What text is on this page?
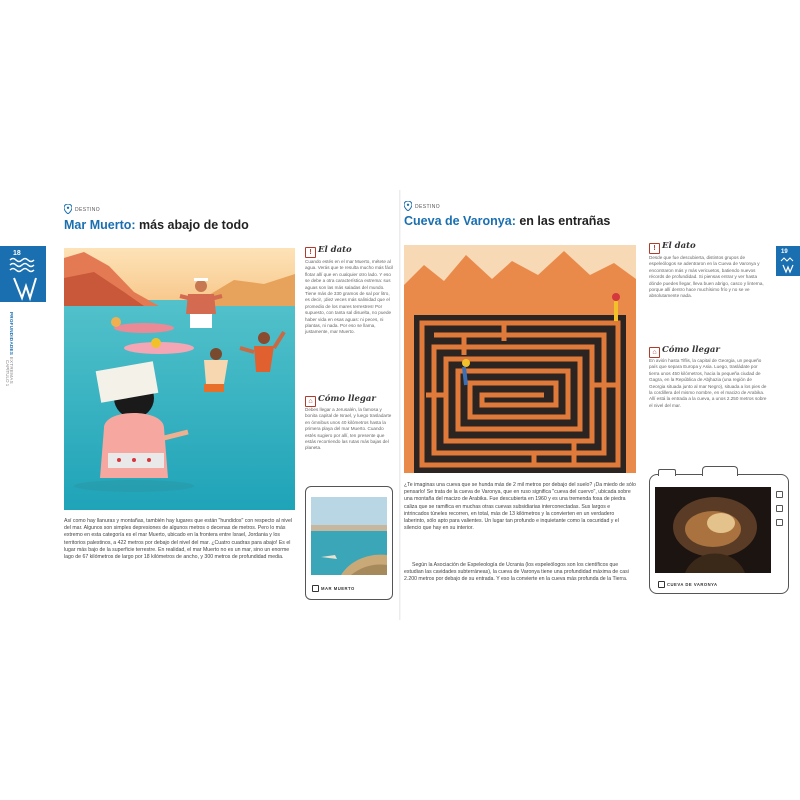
18
PROFUNDIDADES EXTREMAS
CAPÍTULO 1
19
DESTINO
Mar Muerto: más abajo de todo
Así como hay llanuras y montañas, también hay lugares que están "hundidos" con respecto al nivel del mar. Algunos son simples depresiones de algunos metros o decenas de metros. Pero lo más extremo en esta categoría es el mar Muerto, ubicado en la frontera entre Israel, Jordania y los territorios palestinos, a 422 metros por debajo del nivel del mar. ¿Cuatro cuadras para abajo! Es el lugar más bajo de la superficie terrestre. En realidad, el mar Muerto no es un mar, sino un enorme lago de 67 kilómetros de largo por 18 kilómetros de ancho, y 300 metros de profundidad media.
! El dato
Cuando estés en el mar Muerto, métete al agua. Verás que te resulta mucho más fácil flotar allí que en cualquier otro lado. Y eso se debe a otra característica extrema: sus aguas son las más saladas del mundo. Tiene más de 330 gramos de sal por litro, es decir, ¡diez veces más salinidad que el promedio de los mares terrestres! Por supuesto, con tanta sal disuelta, no puede haber vida en esas aguas: ni peces, ni plantas, ni nada. Por eso se llama, justamente, mar Muerto.
⌂ Cómo llegar
Debes llegar a Jerusalén, la famosa y bonita capital de Israel, y luego trasladarte en ómnibus unos 40 kilómetros hasta la primera playa del mar Muerto. Cuando estés sugiero por allí, ten presente que estás recorriendo las rutas más bajas del planeta.
MAR MUERTO
DESTINO
Cueva de Varonya: en las entrañas
¿Te imaginas una cueva que se hunda más de 2 mil metros por debajo del suelo? ¡Da miedo de sólo pensarlo! Se trata de la cueva de Varonya, que en ruso significa "cueva del cuervo", ubicada sobre una montaña del macizo de Arabika. Fue descubierta en 1960 y es una tremenda fosa de piedra caliza que se ramifica en muchas otras cuevas subsidiarias interconectadas. Sus largos e intrincados túneles recorren, en total, más de 13 kilómetros y la convierten en un verdadero laberinto, sólo apto para valientes. Un lugar tan profundo e inquietante como la oscuridad y el silencio que hay en su interior.
Según la Asociación de Espeleología de Ucrania (los espeleólogos son los científicos que estudian las cavidades subterráneas), la cueva de Varonya tiene una profundidad máxima de casi 2.200 metros por debajo de su entrada. Y eso la convierte en la cueva más profunda de la Tierra.
! El dato
Desde que fue descubierta, distintos grupos de espeleólogos se adentraron en la Cueva de Varonya y encontraron más y más vericuetos, batiendo nuevos récords de profundidad. Si piensas entrar y ver hasta dónde puedes llegar, lleva buen abrigo, casco y linterna, porque allí dentro hace muchísimo frío y no se ve absolutamente nada.
⌂ Cómo llegar
En avión hasta Tiflis, la capital de Georgia, un pequeño país que separa Europa y Asia. Luego, trasládate por tierra unos 450 kilómetros, hacia la pequeña ciudad de Gagra, en la República de Abjhazia (una región de Georgia situada junto al mar Negro), situada a los pies de la cordillera del mismo nombre, en el macizo de Arabika. Allí está la entrada a la cueva, a unos 2.250 metros sobre el nivel del mar.
CUEVA DE VARONYA
